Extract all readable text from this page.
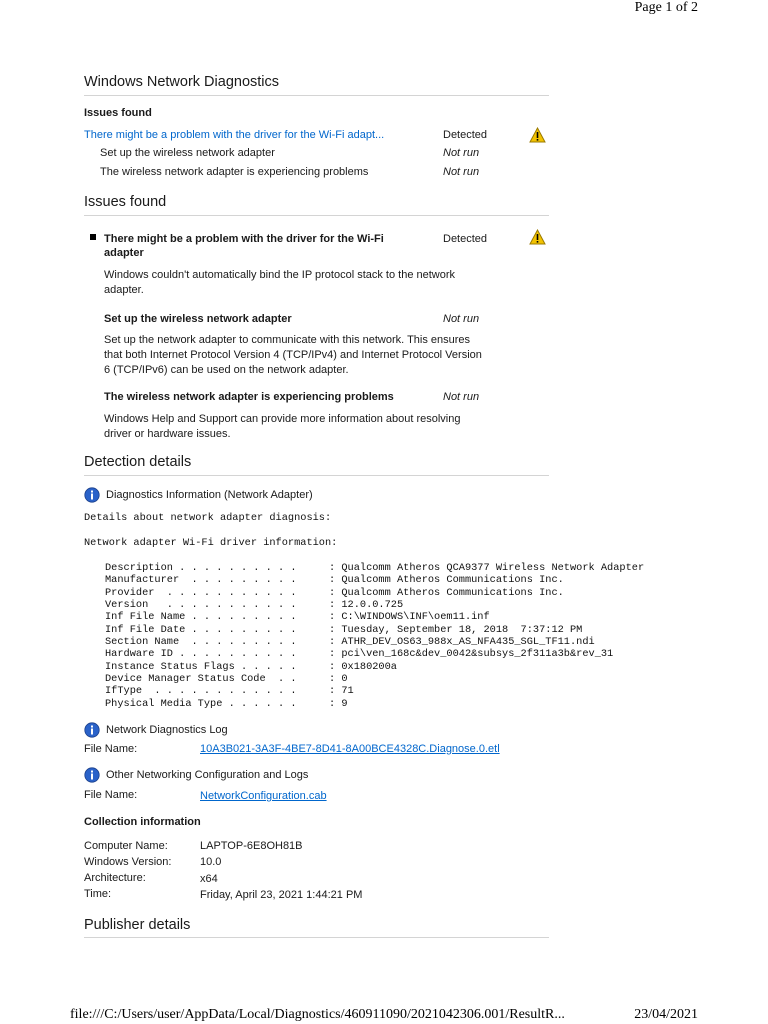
Page 1 of 2
Windows Network Diagnostics
Issues found
There might be a problem with the driver for the Wi-Fi adapt...	Detected
Set up the wireless network adapter	Not run
The wireless network adapter is experiencing problems	Not run
Issues found
There might be a problem with the driver for the Wi-Fi
adapter
Detected
Windows couldn't automatically bind the IP protocol stack to the network
adapter.
Set up the wireless network adapter	Not run
Set up the network adapter to communicate with this network. This ensures
that both Internet Protocol Version 4 (TCP/IPv4) and Internet Protocol Version
6 (TCP/IPv6) can be used on the network adapter.
The wireless network adapter is experiencing problems	Not run
Windows Help and Support can provide more information about resolving
driver or hardware issues.
Detection details
Diagnostics Information (Network Adapter)
Details about network adapter diagnosis:
Network adapter Wi-Fi driver information:
Description . . . . . . . . . .	: Qualcomm Atheros QCA9377 Wireless Network Adapter
Manufacturer  . . . . . . . . .	: Qualcomm Atheros Communications Inc.
Provider  . . . . . . . . . . .	: Qualcomm Atheros Communications Inc.
Version   . . . . . . . . . . .	: 12.0.0.725
Inf File Name . . . . . . . . .	: C:\WINDOWS\INF\oem11.inf
Inf File Date . . . . . . . . .	: Tuesday, September 18, 2018  7:37:12 PM
Section Name  . . . . . . . . .	: ATHR_DEV_OS63_988x_AS_NFA435_SGL_TF11.ndi
Hardware ID . . . . . . . . . .	: pci\ven_168c&dev_0042&subsys_2f311a3b&rev_31
Instance Status Flags . . . . .	: 0x180200a
Device Manager Status Code  . .	: 0
IfType  . . . . . . . . . . . .	: 71
Physical Media Type . . . . . .	: 9
Network Diagnostics Log
File Name:	10A3B021-3A3F-4BE7-8D41-8A00BCE4328C.Diagnose.0.etl
Other Networking Configuration and Logs
File Name:	NetworkConfiguration.cab
Collection information
Computer Name:	LAPTOP-6E8OH81B
Windows Version:	10.0
Architecture:	x64
Time:	Friday, April 23, 2021 1:44:21 PM
Publisher details
file:///C:/Users/user/AppData/Local/Diagnostics/460911090/2021042306.001/ResultR...	23/04/2021
